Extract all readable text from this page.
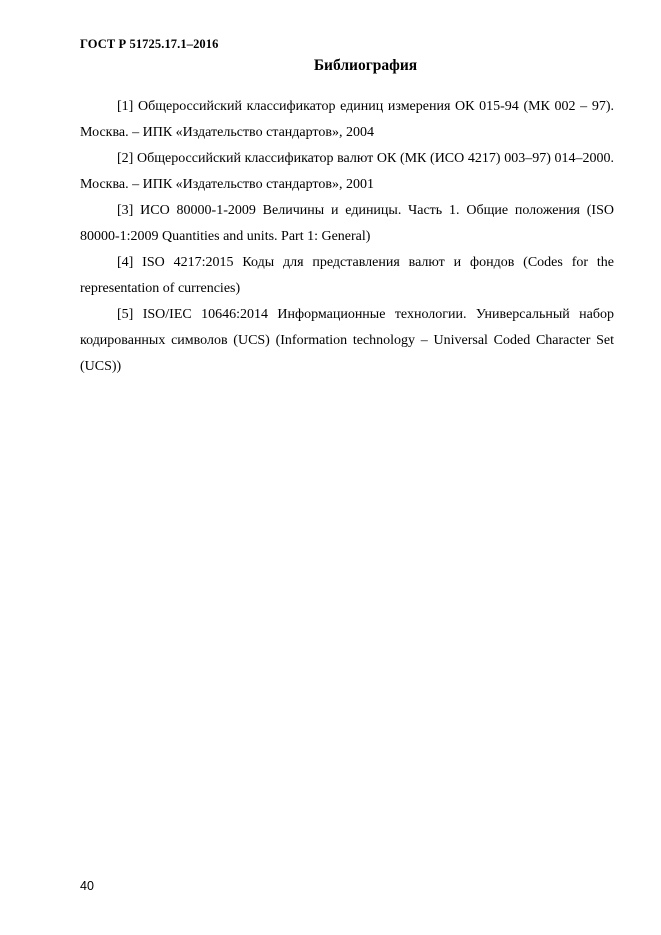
ГОСТ Р 51725.17.1–2016
Библиография

[1] Общероссийский классификатор единиц измерения ОК 015-94 (МК 002 – 97). Москва. – ИПК «Издательство стандартов», 2004

[2] Общероссийский классификатор валют ОК (МК (ИСО 4217) 003–97) 014–2000. Москва. – ИПК «Издательство стандартов», 2001

[3] ИСО 80000-1-2009 Величины и единицы. Часть 1. Общие положения (ISO 80000-1:2009 Quantities and units. Part 1: General)

[4] ISO 4217:2015 Коды для представления валют и фондов (Codes for the representation of currencies)

[5] ISO/IEC 10646:2014 Информационные технологии. Универсальный набор кодированных символов (UCS) (Information technology – Universal Coded Character Set (UCS))

40
